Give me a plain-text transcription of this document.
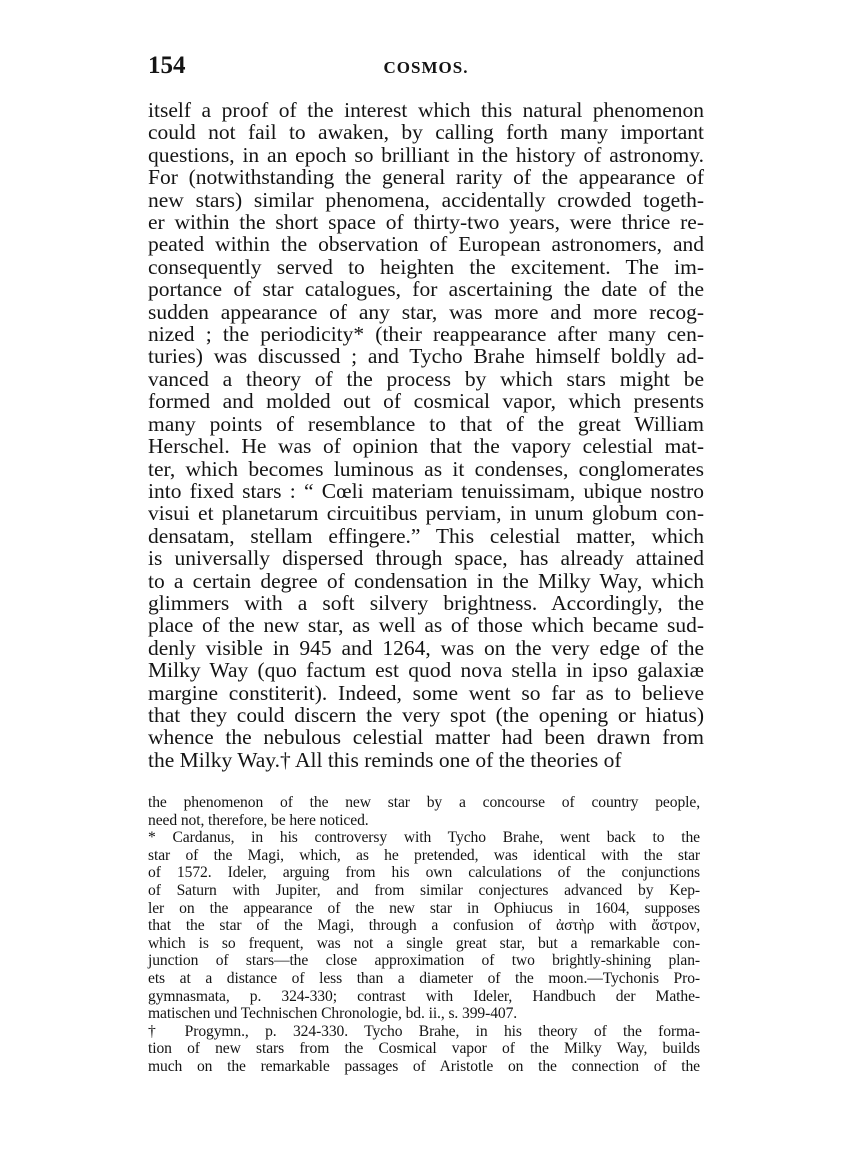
154	COSMOS.
itself a proof of the interest which this natural phenomenon
could not fail to awaken, by calling forth many important
questions, in an epoch so brilliant in the history of astronomy.
For (notwithstanding the general rarity of the appearance of
new stars) similar phenomena, accidentally crowded togeth-
er within the short space of thirty-two years, were thrice re-
peated within the observation of European astronomers, and
consequently served to heighten the excitement. The im-
portance of star catalogues, for ascertaining the date of the
sudden appearance of any star, was more and more recog-
nized ; the periodicity* (their reappearance after many cen-
turies) was discussed ; and Tycho Brahe himself boldly ad-
vanced a theory of the process by which stars might be
formed and molded out of cosmical vapor, which presents
many points of resemblance to that of the great William
Herschel. He was of opinion that the vapory celestial mat-
ter, which becomes luminous as it condenses, conglomerates
into fixed stars : “ Cœli materiam tenuissimam, ubique nostro
visui et planetarum circuitibus perviam, in unum globum con-
densatam, stellam effingere.” This celestial matter, which
is universally dispersed through space, has already attained
to a certain degree of condensation in the Milky Way, which
glimmers with a soft silvery brightness. Accordingly, the
place of the new star, as well as of those which became sud-
denly visible in 945 and 1264, was on the very edge of the
Milky Way (quo factum est quod nova stella in ipso galaxiæ
margine constiterit). Indeed, some went so far as to believe
that they could discern the very spot (the opening or hiatus)
whence the nebulous celestial matter had been drawn from
the Milky Way.† All this reminds one of the theories of
the phenomenon of the new star by a concourse of country people,
need not, therefore, be here noticed.
* Cardanus, in his controversy with Tycho Brahe, went back to the
star of the Magi, which, as he pretended, was identical with the star
of 1572. Ideler, arguing from his own calculations of the conjunctions
of Saturn with Jupiter, and from similar conjectures advanced by Kep-
ler on the appearance of the new star in Ophiucus in 1604, supposes
that the star of the Magi, through a confusion of ἀστὴρ with ἄστρον,
which is so frequent, was not a single great star, but a remarkable con-
junction of stars—the close approximation of two brightly-shining plan-
ets at a distance of less than a diameter of the moon.—Tychonis Pro-
gymnasmata, p. 324-330; contrast with Ideler, Handbuch der Mathe-
matischen und Technischen Chronologie, bd. ii., s. 399-407.
† Progymn., p. 324-330. Tycho Brahe, in his theory of the forma-
tion of new stars from the Cosmical vapor of the Milky Way, builds
much on the remarkable passages of Aristotle on the connection of the
